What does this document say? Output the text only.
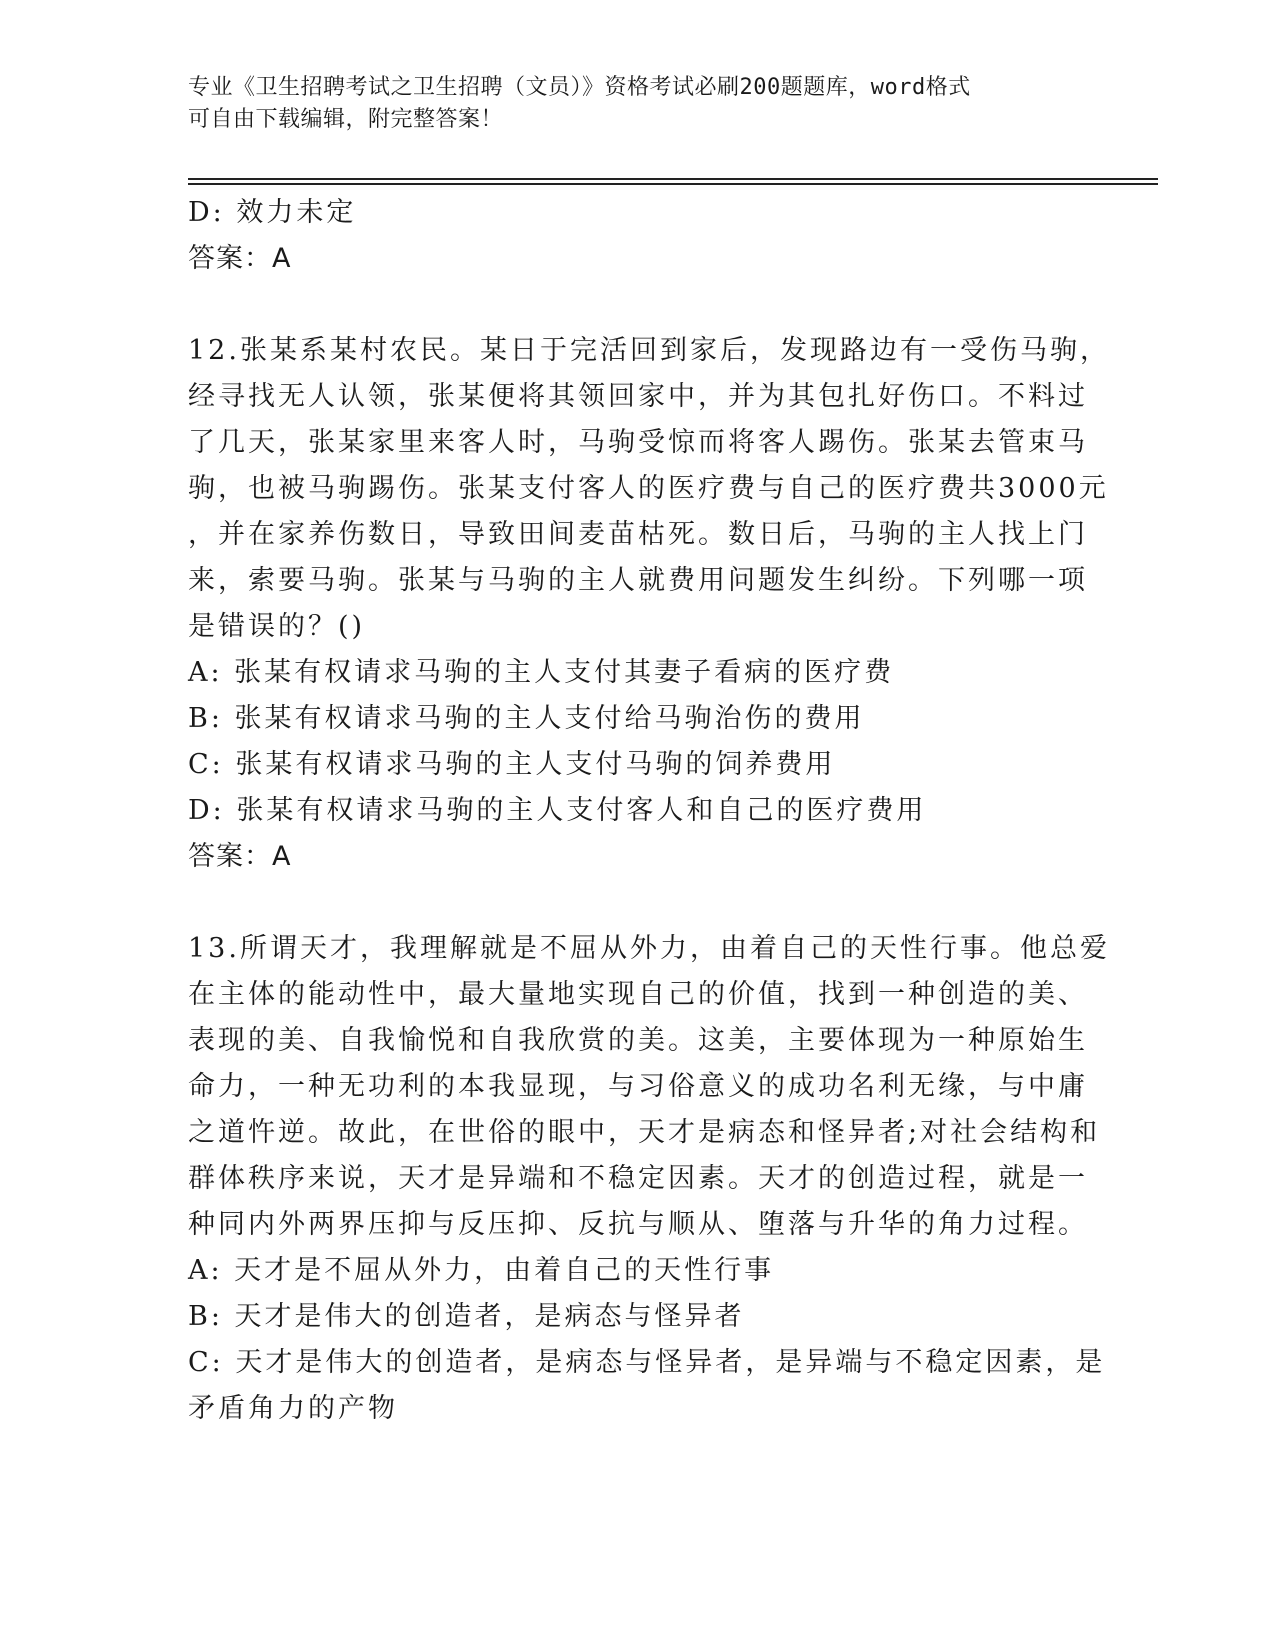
专业《卫生招聘考试之卫生招聘（文员）》资格考试必刷200题题库，word格式
可自由下载编辑，附完整答案！
D: 效力未定
答案：A
12.张某系某村农民。某日于完活回到家后，发现路边有一受伤马驹，
经寻找无人认领，张某便将其领回家中，并为其包扎好伤口。不料过
了几天，张某家里来客人时，马驹受惊而将客人踢伤。张某去管束马
驹，也被马驹踢伤。张某支付客人的医疗费与自己的医疗费共3000元
，并在家养伤数日，导致田间麦苗枯死。数日后，马驹的主人找上门
来，索要马驹。张某与马驹的主人就费用问题发生纠纷。下列哪一项
是错误的？()
A: 张某有权请求马驹的主人支付其妻子看病的医疗费
B: 张某有权请求马驹的主人支付给马驹治伤的费用
C: 张某有权请求马驹的主人支付马驹的饲养费用
D: 张某有权请求马驹的主人支付客人和自己的医疗费用
答案：A
13.所谓天才，我理解就是不屈从外力，由着自己的天性行事。他总爱
在主体的能动性中，最大量地实现自己的价值，找到一种创造的美、
表现的美、自我愉悦和自我欣赏的美。这美，主要体现为一种原始生
命力，一种无功利的本我显现，与习俗意义的成功名利无缘，与中庸
之道忤逆。故此，在世俗的眼中，天才是病态和怪异者;对社会结构和
群体秩序来说，天才是异端和不稳定因素。天才的创造过程，就是一
种同内外两界压抑与反压抑、反抗与顺从、堕落与升华的角力过程。
A: 天才是不屈从外力，由着自己的天性行事
B: 天才是伟大的创造者，是病态与怪异者
C: 天才是伟大的创造者，是病态与怪异者，是异端与不稳定因素，是
矛盾角力的产物
